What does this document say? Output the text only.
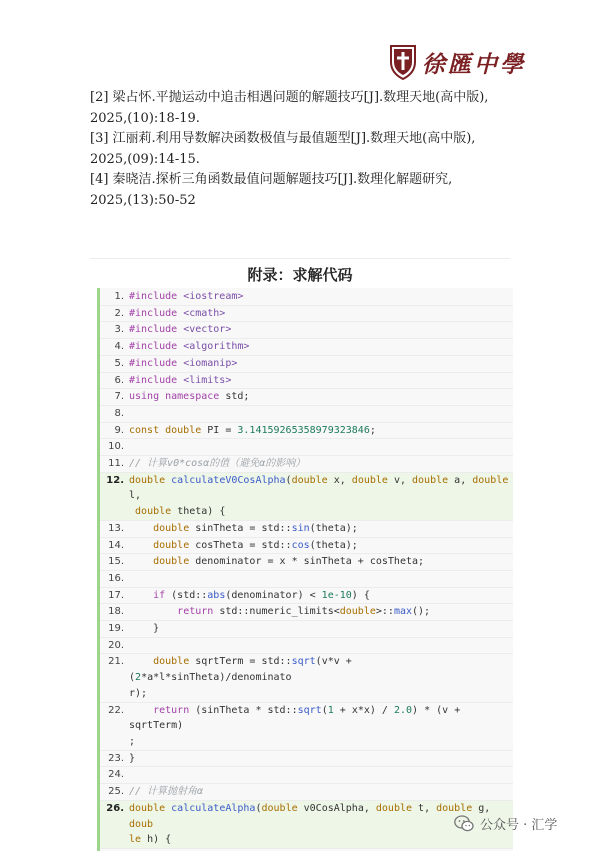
徐匯中學
[2] 梁占怀.平抛运动中追击相遇问题的解题技巧[J].数理天地(高中版),
2025,(10):18-19.
[3] 江丽莉.利用导数解决函数极值与最值题型[J].数理天地(高中版),
2025,(09):14-15.
[4] 秦晓洁.探析三角函数最值问题解题技巧[J].数理化解题研究,
2025,(13):50-52
附录：求解代码
1. #include <iostream>
2. #include <cmath>
3. #include <vector>
4. #include <algorithm>
5. #include <iomanip>
6. #include <limits>
7. using namespace std;
8.
9. const double PI = 3.14159265358979323846;
10.
11. // 计算v0*cosα的值（避免α的影响）
12. double calculateV0CosAlpha(double x, double v, double a, double l,
double theta) {
13.	double sinTheta = std::sin(theta);
14.	double cosTheta = std::cos(theta);
15.	double denominator = x * sinTheta + cosTheta;
16.
17.	if (std::abs(denominator) < 1e-10) {
18.	return std::numeric_limits<double>::max();
19. }
20.
21.	double sqrtTerm = std::sqrt(v*v + (2*a*l*sinTheta)/denominato
r);
22.	return (sinTheta * std::sqrt(1 + x*x) / 2.0) * (v + sqrtTerm)
;
23. }
24.
25. // 计算抛射角α
26. double calculateAlpha(double v0CosAlpha, double t, double g, doub
le h) {
公众号 · 汇学
